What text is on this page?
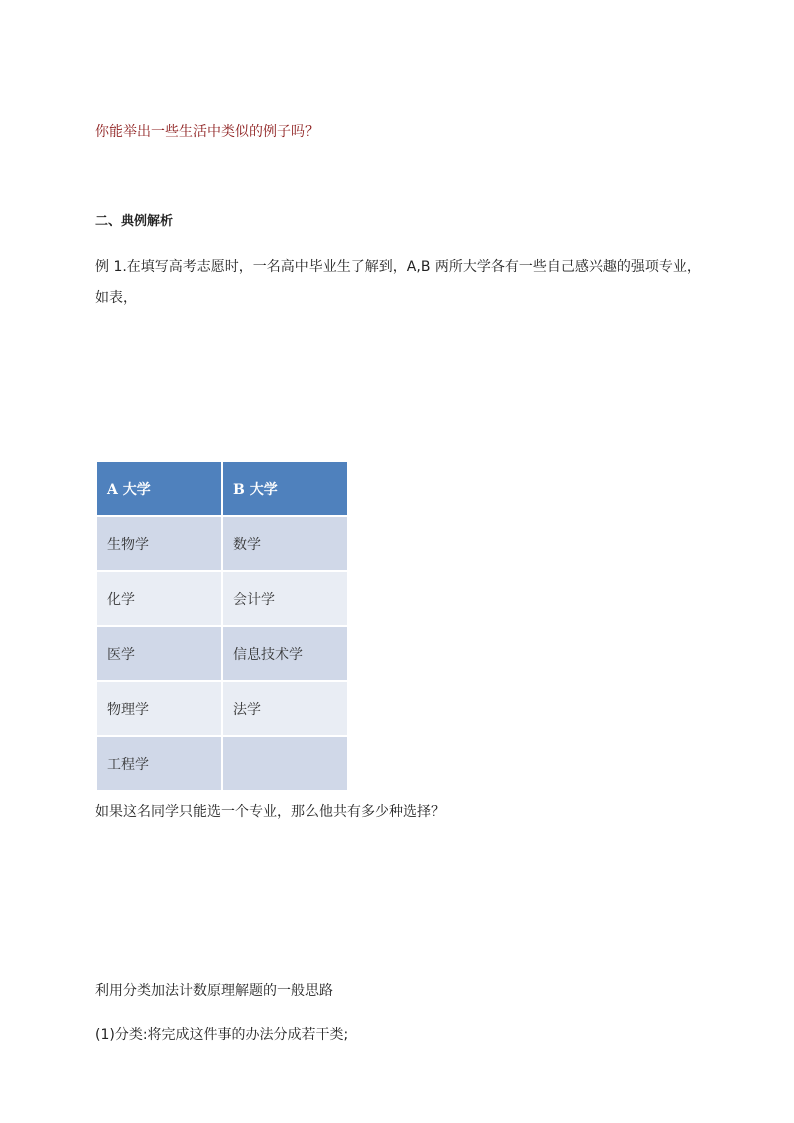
你能举出一些生活中类似的例子吗？
二、典例解析
例 1.在填写高考志愿时，一名高中毕业生了解到，A,B 两所大学各有一些自己感兴趣的强项专业，
如表，
A 大学	B 大学
生物学	数学
化学	会计学
医学	信息技术学
物理学	法学
工程学	
如果这名同学只能选一个专业，那么他共有多少种选择？
利用分类加法计数原理解题的一般思路
(1)分类:将完成这件事的办法分成若干类;
